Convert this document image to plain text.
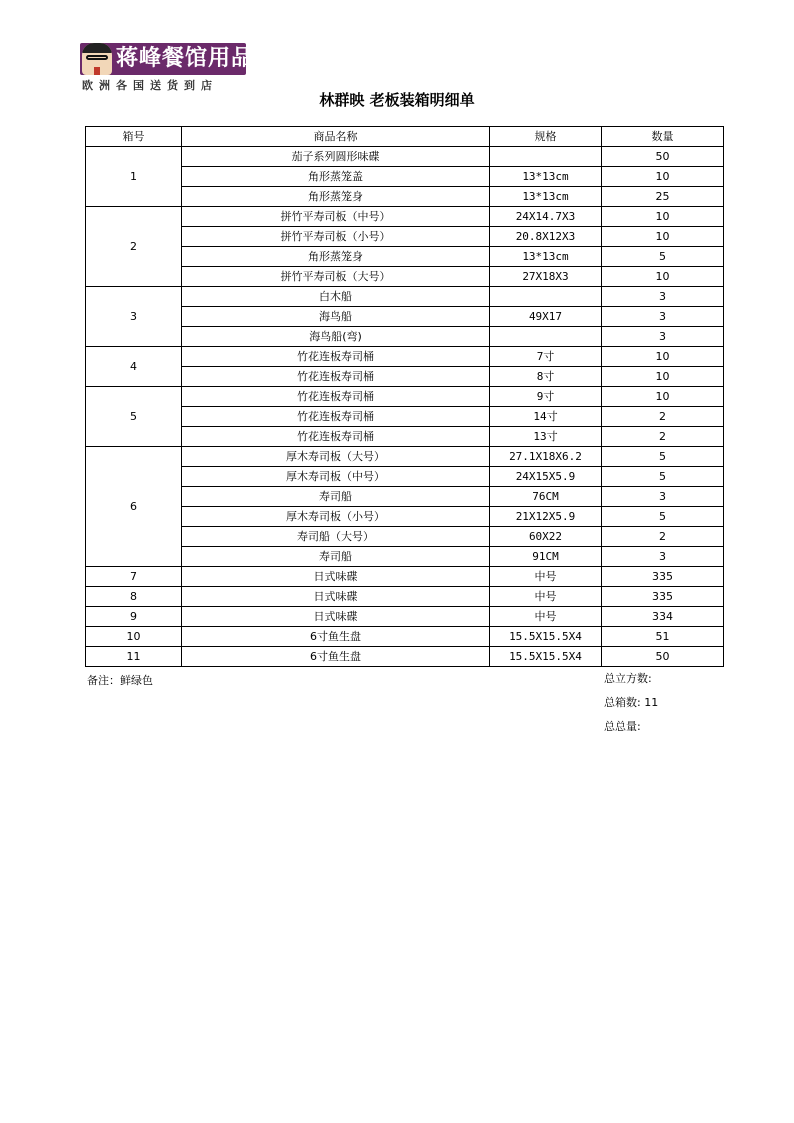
蒋峰餐馆用品
欧洲各国送货到店
林群映 老板装箱明细单
箱号	商品名称	规格	数量
1	茄子系列圆形味碟		50
	角形蒸笼盖	13*13cm	10
	角形蒸笼身	13*13cm	25
2	拼竹平寿司板（中号）	24X14.7X3	10
	拼竹平寿司板（小号）	20.8X12X3	10
	角形蒸笼身	13*13cm	5
	拼竹平寿司板（大号）	27X18X3	10
3	白木船		3
	海鸟船	49X17	3
	海鸟船(弯)		3
4	竹花连板寿司桶	7寸	10
	竹花连板寿司桶	8寸	10
5	竹花连板寿司桶	9寸	10
	竹花连板寿司桶	14寸	2
	竹花连板寿司桶	13寸	2
6	厚木寿司板（大号）	27.1X18X6.2	5
	厚木寿司板（中号）	24X15X5.9	5
	寿司船	76CM	3
	厚木寿司板（小号）	21X12X5.9	5
	寿司船（大号）	60X22	2
	寿司船	91CM	3
7	日式味碟	中号	335
8	日式味碟	中号	335
9	日式味碟	中号	334
10	6寸鱼生盘	15.5X15.5X4	51
11	6寸鱼生盘	15.5X15.5X4	50
备注：鲜绿色	总立方数:
总箱数: 11
总总量:
